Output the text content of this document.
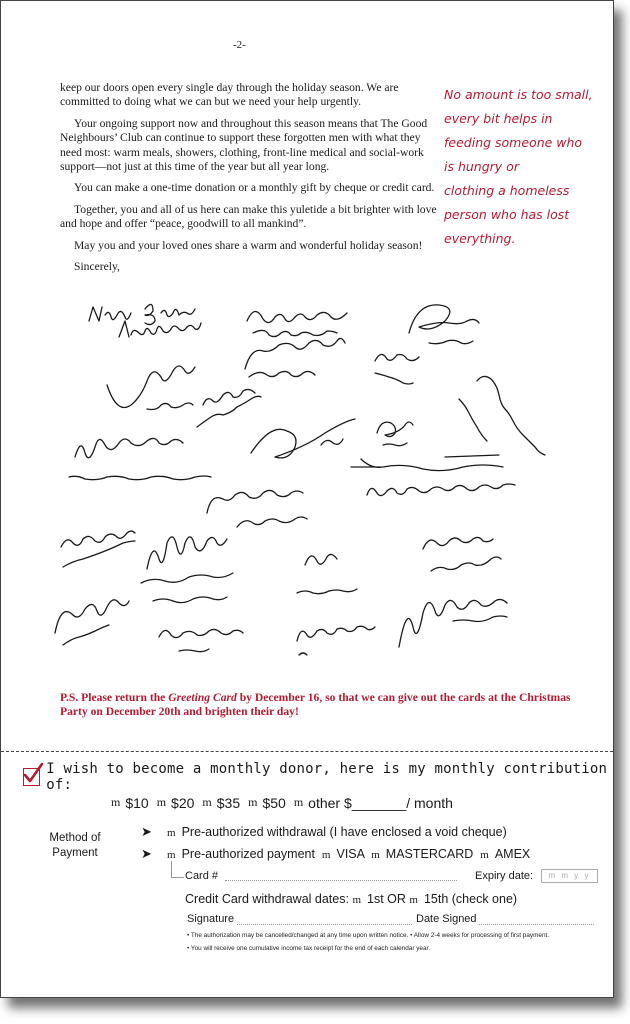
-2-

keep our doors open every single day through the holiday season. We are committed to doing what we can but we need your help urgently.

Your ongoing support now and throughout this season means that The Good Neighbours’ Club can continue to support these forgotten men with what they need most: warm meals, showers, clothing, front-line medical and social-work support—not just at this time of the year but all year long.

You can make a one-time donation or a monthly gift by cheque or credit card.

Together, you and all of us here can make this yuletide a bit brighter with love and hope and offer “peace, goodwill to all mankind”.

May you and your loved ones share a warm and wonderful holiday season!

Sincerely,

No amount is too small,
every bit helps in
feeding someone who
is hungry or
clothing a homeless
person who has lost
everything.
P.S. Please return the Greeting Card by December 16, so that we can give out the cards at the Christmas Party on December 20th and brighten their day!
I wish to become a monthly donor, here is my monthly contribution of:
m $10 m $20 m $35 m $50 m other $_______/ month
Method of Payment
➤
➤
m Pre-authorized withdrawal (I have enclosed a void cheque)
m Pre-authorized payment m VISA m MASTERCARD m AMEX
Card #	Expiry date:	m m y y
Credit Card withdrawal dates: m 1st OR m 15th (check one)
Signature	Date Signed
• The authorization may be cancelled/changed at any time upon written notice. • Allow 2-4 weeks for processing of first payment.
• You will receive one cumulative income tax receipt for the end of each calendar year.
